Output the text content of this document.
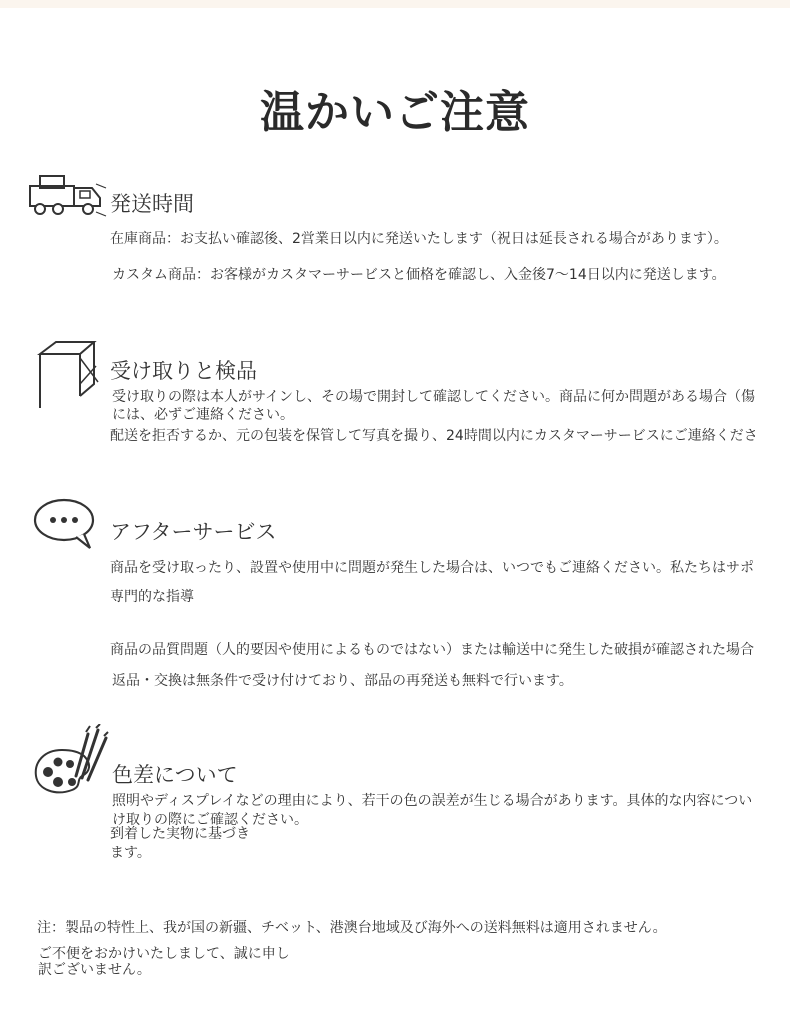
温かいご注意
発送時間
在庫商品：お支払い確認後、2営業日以内に発送いたします（祝日は延長される場合があります）。
カスタム商品：お客様がカスタマーサービスと価格を確認し、入金後7〜14日以内に発送します。
受け取りと検品
受け取りの際は本人がサインし、その場で開封して確認してください。商品に何か問題がある場合（傷
には、必ずご連絡ください。
配送を拒否するか、元の包装を保管して写真を撮り、24時間以内にカスタマーサービスにご連絡くださ
アフターサービス
商品を受け取ったり、設置や使用中に問題が発生した場合は、いつでもご連絡ください。私たちはサポ
専門的な指導
商品の品質問題（人的要因や使用によるものではない）または輸送中に発生した破損が確認された場合
返品・交換は無条件で受け付けており、部品の再発送も無料で行います。
色差について
照明やディスプレイなどの理由により、若干の色の誤差が生じる場合があります。具体的な内容につい
け取りの際にご確認ください。
到着した実物に基づき
ます。
注：製品の特性上、我が国の新疆、チベット、港澳台地域及び海外への送料無料は適用されません。
ご不便をおかけいたしまして、誠に申し
訳ございません。
